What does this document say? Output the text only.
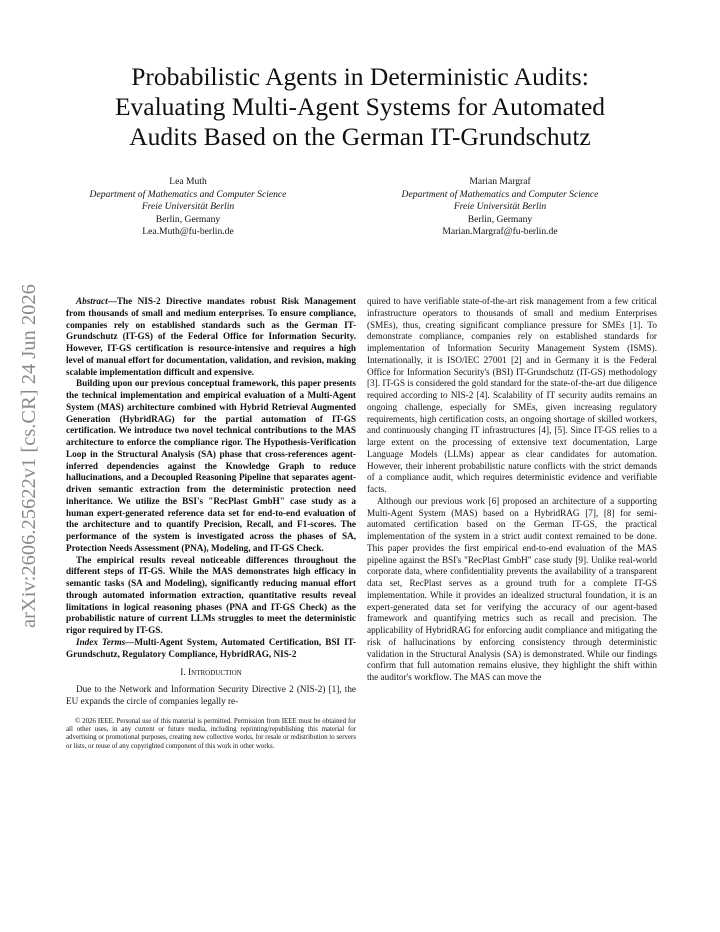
Probabilistic Agents in Deterministic Audits:
Evaluating Multi-Agent Systems for Automated
Audits Based on the German IT-Grundschutz
Lea Muth
Department of Mathematics and Computer Science
Freie Universität Berlin
Berlin, Germany
Lea.Muth@fu-berlin.de
Marian Margraf
Department of Mathematics and Computer Science
Freie Universität Berlin
Berlin, Germany
Marian.Margraf@fu-berlin.de
arXiv:2606.25622v1 [cs.CR] 24 Jun 2026	Abstract—The NIS-2 Directive mandates robust Risk Management from thousands of small and medium enterprises. To ensure compliance, companies rely on established standards such as the German IT-Grundschutz (IT-GS) of the Federal Office for Information Security. However, IT-GS certification is resource-intensive and requires a high level of manual effort for documentation, validation, and revision, making scalable implementation difficult and expensive.

Building upon our previous conceptual framework, this paper presents the technical implementation and empirical evaluation of a Multi-Agent System (MAS) architecture combined with Hybrid Retrieval Augmented Generation (HybridRAG) for the partial automation of IT-GS certification. We introduce two novel technical contributions to the MAS architecture to enforce the compliance rigor. The Hypothesis-Verification Loop in the Structural Analysis (SA) phase that cross-references agent-inferred dependencies against the Knowledge Graph to reduce hallucinations, and a Decoupled Reasoning Pipeline that separates agent-driven semantic extraction from the deterministic protection need inheritance. We utilize the BSI's "RecPlast GmbH" case study as a human expert-generated reference data set for end-to-end evaluation of the architecture and to quantify Precision, Recall, and F1-scores. The performance of the system is investigated across the phases of SA, Protection Needs Assessment (PNA), Modeling, and IT-GS Check.

The empirical results reveal noticeable differences throughout the different steps of IT-GS. While the MAS demonstrates high efficacy in semantic tasks (SA and Modeling), significantly reducing manual effort through automated information extraction, quantitative results reveal limitations in logical reasoning phases (PNA and IT-GS Check) as the probabilistic nature of current LLMs struggles to meet the deterministic rigor required by IT-GS.

Index Terms—Multi-Agent System, Automated Certification, BSI IT-Grundschutz, Regulatory Compliance, HybridRAG, NIS-2

I. Introduction

Due to the Network and Information Security Directive 2 (NIS-2) [1], the EU expands the circle of companies legally re-

© 2026 IEEE. Personal use of this material is permitted. Permission from IEEE must be obtained for all other uses, in any current or future media, including reprinting/republishing this material for advertising or promotional purposes, creating new collective works, for resale or redistribution to servers or lists, or reuse of any copyrighted component of this work in other works.

quired to have verifiable state-of-the-art risk management from a few critical infrastructure operators to thousands of small and medium Enterprises (SMEs), thus, creating significant compliance pressure for SMEs [1]. To demonstrate compliance, companies rely on established standards for implementation of Information Security Management System (ISMS). Internationally, it is ISO/IEC 27001 [2] and in Germany it is the Federal Office for Information Security's (BSI) IT-Grundschutz (IT-GS) methodology [3]. IT-GS is considered the gold standard for the state-of-the-art due diligence required according to NIS-2 [4]. Scalability of IT security audits remains an ongoing challenge, especially for SMEs, given increasing regulatory requirements, high certification costs, an ongoing shortage of skilled workers, and continuously changing IT infrastructures [4], [5]. Since IT-GS relies to a large extent on the processing of extensive text documentation, Large Language Models (LLMs) appear as clear candidates for automation. However, their inherent probabilistic nature conflicts with the strict demands of a compliance audit, which requires deterministic evidence and verifiable facts.

Although our previous work [6] proposed an architecture of a supporting Multi-Agent System (MAS) based on a HybridRAG [7], [8] for semi-automated certification based on the German IT-GS, the practical implementation of the system in a strict audit context remained to be done. This paper provides the first empirical end-to-end evaluation of the MAS pipeline against the BSI's "RecPlast GmbH" case study [9]. Unlike real-world corporate data, where confidentiality prevents the availability of a transparent data set, RecPlast serves as a ground truth for a complete IT-GS implementation. While it provides an idealized structural foundation, it is an expert-generated data set for verifying the accuracy of our agent-based framework and quantifying metrics such as recall and precision. The applicability of HybridRAG for enforcing audit compliance and mitigating the risk of hallucinations by enforcing consistency through deterministic validation in the Structural Analysis (SA) is demonstrated. While our findings confirm that full automation remains elusive, they highlight the shift within the auditor's workflow. The MAS can move the
